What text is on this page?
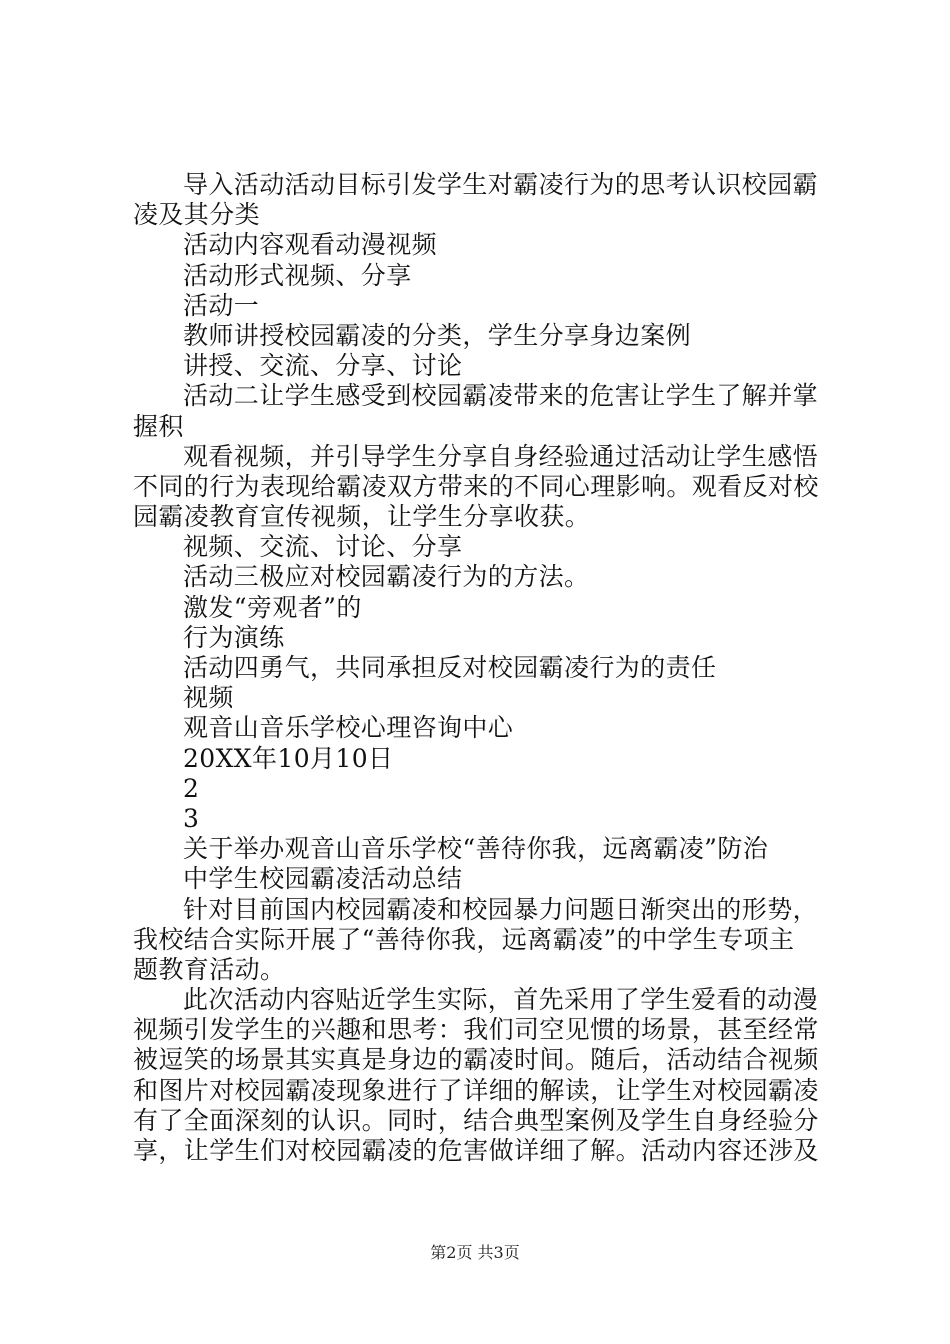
导入活动活动目标引发学生对霸凌行为的思考认识校园霸
凌及其分类
活动内容观看动漫视频
活动形式视频、分享
活动一
教师讲授校园霸凌的分类，学生分享身边案例
讲授、交流、分享、讨论
活动二让学生感受到校园霸凌带来的危害让学生了解并掌
握积
观看视频，并引导学生分享自身经验通过活动让学生感悟
不同的行为表现给霸凌双方带来的不同心理影响。观看反对校
园霸凌教育宣传视频，让学生分享收获。
视频、交流、讨论、分享
活动三极应对校园霸凌行为的方法。
激发“旁观者”的
行为演练
活动四勇气，共同承担反对校园霸凌行为的责任
视频
观音山音乐学校心理咨询中心
20XX年10月10日
2
3
关于举办观音山音乐学校“善待你我，远离霸凌”防治
中学生校园霸凌活动总结
针对目前国内校园霸凌和校园暴力问题日渐突出的形势，
我校结合实际开展了“善待你我，远离霸凌”的中学生专项主
题教育活动。
此次活动内容贴近学生实际，首先采用了学生爱看的动漫
视频引发学生的兴趣和思考：我们司空见惯的场景，甚至经常
被逗笑的场景其实真是身边的霸凌时间。随后，活动结合视频
和图片对校园霸凌现象进行了详细的解读，让学生对校园霸凌
有了全面深刻的认识。同时，结合典型案例及学生自身经验分
享，让学生们对校园霸凌的危害做详细了解。活动内容还涉及
第2页 共3页
